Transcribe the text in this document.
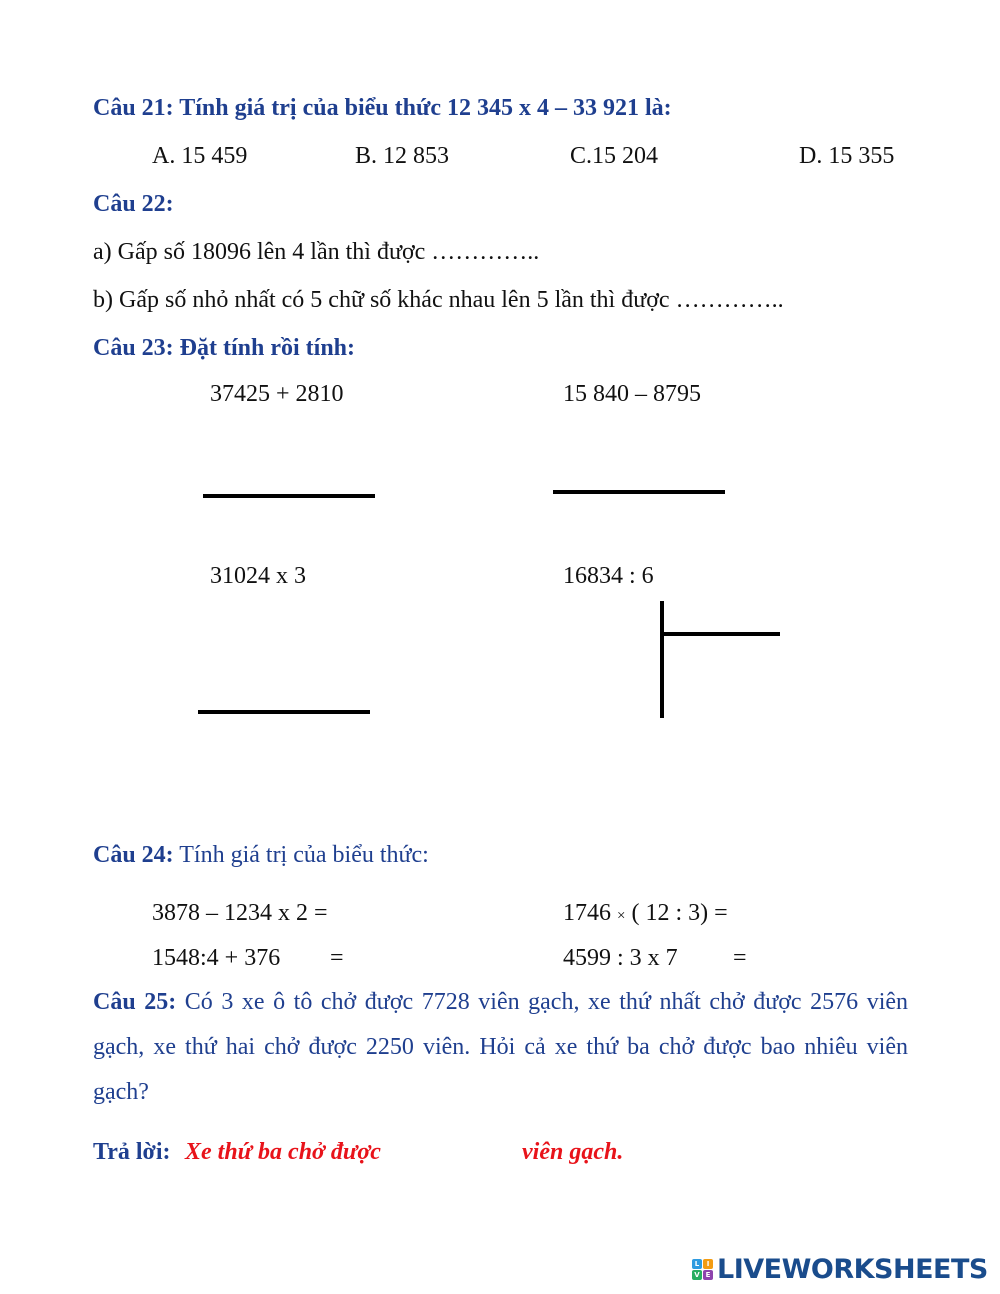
Câu 21: Tính giá trị của biểu thức 12 345 x 4 – 33 921 là:
A. 15 459	B. 12 853	C.15 204	D. 15 355
Câu 22:
a) Gấp số 18096 lên 4 lần thì được …………..
b) Gấp số nhỏ nhất có 5 chữ số khác nhau lên 5 lần thì được …………..
Câu 23: Đặt tính rồi tính:
37425 + 2810	15 840 – 8795
31024 x 3	16834 : 6
Câu 24: Tính giá trị của biểu thức:
3878 – 1234 x 2 =	1746 × ( 12 : 3) =
1548:4 + 376 =	4599 : 3 x 7 =
Câu 25: Có 3 xe ô tô chở được 7728 viên gạch, xe thứ nhất chở được 2576 viên gạch, xe thứ hai chở được 2250 viên. Hỏi cả xe thứ ba chở được bao nhiêu viên gạch?
Trả lời: Xe thứ ba chở được	viên gạch.
L	I
V E LIVEWORKSHEETS
